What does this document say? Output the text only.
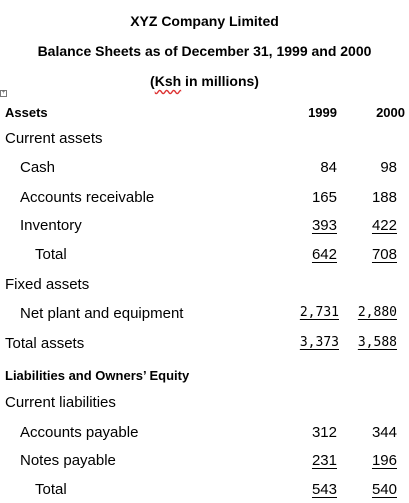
XYZ Company Limited
Balance Sheets as of December 31, 1999 and 2000
(Ksh in millions)
+
Assets	1999	2000
Current assets
Cash	84	98
Accounts receivable	165 188
Inventory	393 422
Total	642 708
Fixed assets
Net plant and equipment	2,731 2,880
Total assets	3,373 3,588
Liabilities and Owners’ Equity
Current liabilities
Accounts payable	312 344
Notes payable	231 196
Total	543 540
